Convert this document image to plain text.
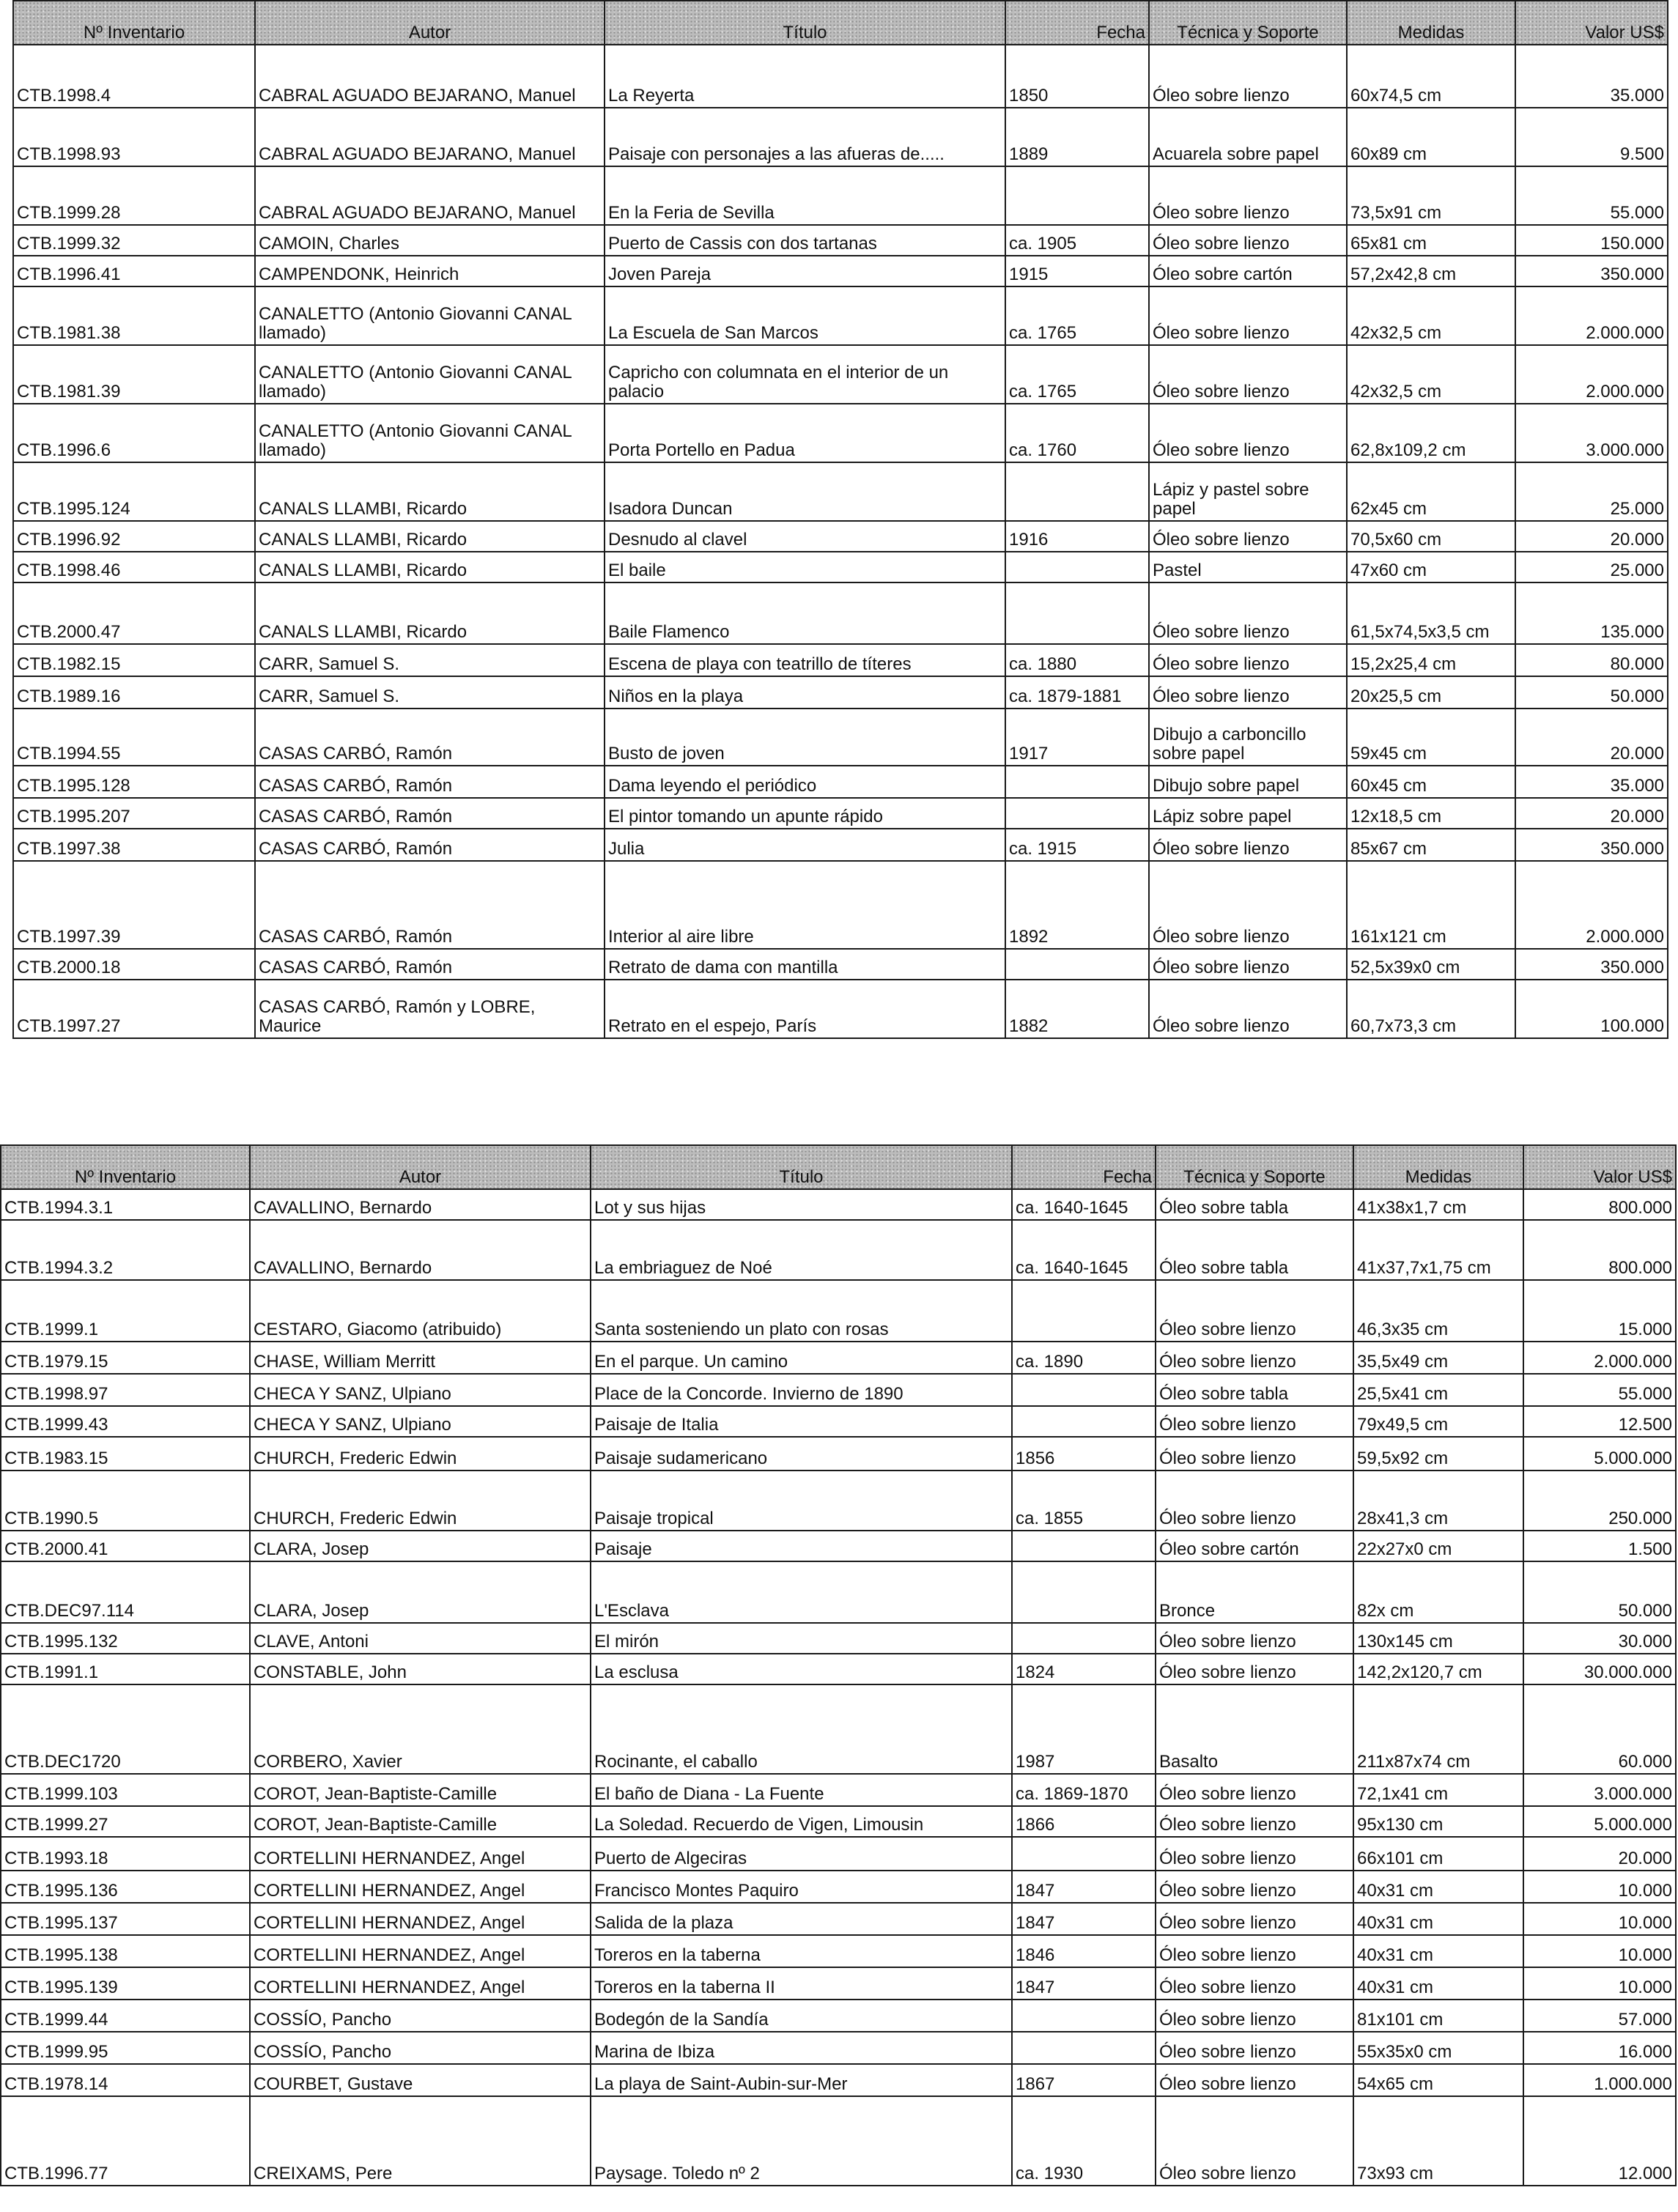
Nº Inventario	Autor	Título	Fecha	Técnica y Soporte	Medidas	Valor US$
CTB.1998.4	CABRAL AGUADO BEJARANO, Manuel	La Reyerta	1850	Óleo sobre lienzo	60x74,5 cm	35.000
CTB.1998.93	CABRAL AGUADO BEJARANO, Manuel	Paisaje con personajes a las afueras de.....	1889	Acuarela sobre papel	60x89 cm	9.500
CTB.1999.28	CABRAL AGUADO BEJARANO, Manuel	En la Feria de Sevilla		Óleo sobre lienzo	73,5x91 cm	55.000
CTB.1999.32	CAMOIN, Charles	Puerto de Cassis con dos tartanas	ca. 1905	Óleo sobre lienzo	65x81 cm	150.000
CTB.1996.41	CAMPENDONK, Heinrich	Joven Pareja	1915	Óleo sobre cartón	57,2x42,8 cm	350.000
CTB.1981.38	CANALETTO (Antonio Giovanni CANAL llamado)	La Escuela de San Marcos	ca. 1765	Óleo sobre lienzo	42x32,5 cm	2.000.000
CTB.1981.39	CANALETTO (Antonio Giovanni CANAL llamado)	Capricho con columnata en el interior de un palacio	ca. 1765	Óleo sobre lienzo	42x32,5 cm	2.000.000
CTB.1996.6	CANALETTO (Antonio Giovanni CANAL llamado)	Porta Portello en Padua	ca. 1760	Óleo sobre lienzo	62,8x109,2 cm	3.000.000
CTB.1995.124	CANALS LLAMBI, Ricardo	Isadora Duncan		Lápiz y pastel sobre papel	62x45 cm	25.000
CTB.1996.92	CANALS LLAMBI, Ricardo	Desnudo al clavel	1916	Óleo sobre lienzo	70,5x60 cm	20.000
CTB.1998.46	CANALS LLAMBI, Ricardo	El baile		Pastel	47x60 cm	25.000
CTB.2000.47	CANALS LLAMBI, Ricardo	Baile Flamenco		Óleo sobre lienzo	61,5x74,5x3,5 cm	135.000
CTB.1982.15	CARR, Samuel S.	Escena de playa con teatrillo de títeres	ca. 1880	Óleo sobre lienzo	15,2x25,4 cm	80.000
CTB.1989.16	CARR, Samuel S.	Niños en la playa	ca. 1879-1881	Óleo sobre lienzo	20x25,5 cm	50.000
CTB.1994.55	CASAS CARBÓ, Ramón	Busto de joven	1917	Dibujo a carboncillo sobre papel	59x45 cm	20.000
CTB.1995.128	CASAS CARBÓ, Ramón	Dama leyendo el periódico		Dibujo sobre papel	60x45 cm	35.000
CTB.1995.207	CASAS CARBÓ, Ramón	El pintor tomando un apunte rápido		Lápiz sobre papel	12x18,5 cm	20.000
CTB.1997.38	CASAS CARBÓ, Ramón	Julia	ca. 1915	Óleo sobre lienzo	85x67 cm	350.000
CTB.1997.39	CASAS CARBÓ, Ramón	Interior al aire libre	1892	Óleo sobre lienzo	161x121 cm	2.000.000
CTB.2000.18	CASAS CARBÓ, Ramón	Retrato de dama con mantilla		Óleo sobre lienzo	52,5x39x0 cm	350.000
CTB.1997.27	CASAS CARBÓ, Ramón y LOBRE, Maurice	Retrato en el espejo, París	1882	Óleo sobre lienzo	60,7x73,3 cm	100.000
Nº Inventario	Autor	Título	Fecha	Técnica y Soporte	Medidas	Valor US$
CTB.1994.3.1	CAVALLINO, Bernardo	Lot y sus hijas	ca. 1640-1645	Óleo sobre tabla	41x38x1,7 cm	800.000
CTB.1994.3.2	CAVALLINO, Bernardo	La embriaguez de Noé	ca. 1640-1645	Óleo sobre tabla	41x37,7x1,75 cm	800.000
CTB.1999.1	CESTARO, Giacomo (atribuido)	Santa sosteniendo un plato con rosas		Óleo sobre lienzo	46,3x35 cm	15.000
CTB.1979.15	CHASE, William Merritt	En el parque. Un camino	ca. 1890	Óleo sobre lienzo	35,5x49 cm	2.000.000
CTB.1998.97	CHECA Y SANZ, Ulpiano	Place de la Concorde. Invierno de 1890		Óleo sobre tabla	25,5x41 cm	55.000
CTB.1999.43	CHECA Y SANZ, Ulpiano	Paisaje de Italia		Óleo sobre lienzo	79x49,5 cm	12.500
CTB.1983.15	CHURCH, Frederic Edwin	Paisaje sudamericano	1856	Óleo sobre lienzo	59,5x92 cm	5.000.000
CTB.1990.5	CHURCH, Frederic Edwin	Paisaje tropical	ca. 1855	Óleo sobre lienzo	28x41,3 cm	250.000
CTB.2000.41	CLARA, Josep	Paisaje		Óleo sobre cartón	22x27x0 cm	1.500
CTB.DEC97.114	CLARA, Josep	L'Esclava		Bronce	82x cm	50.000
CTB.1995.132	CLAVE, Antoni	El mirón		Óleo sobre lienzo	130x145 cm	30.000
CTB.1991.1	CONSTABLE, John	La esclusa	1824	Óleo sobre lienzo	142,2x120,7 cm	30.000.000
CTB.DEC1720	CORBERO, Xavier	Rocinante, el caballo	1987	Basalto	211x87x74 cm	60.000
CTB.1999.103	COROT, Jean-Baptiste-Camille	El baño de Diana - La Fuente	ca. 1869-1870	Óleo sobre lienzo	72,1x41 cm	3.000.000
CTB.1999.27	COROT, Jean-Baptiste-Camille	La Soledad. Recuerdo de Vigen, Limousin	1866	Óleo sobre lienzo	95x130 cm	5.000.000
CTB.1993.18	CORTELLINI HERNANDEZ, Angel	Puerto de Algeciras		Óleo sobre lienzo	66x101 cm	20.000
CTB.1995.136	CORTELLINI HERNANDEZ, Angel	Francisco Montes Paquiro	1847	Óleo sobre lienzo	40x31 cm	10.000
CTB.1995.137	CORTELLINI HERNANDEZ, Angel	Salida de la plaza	1847	Óleo sobre lienzo	40x31 cm	10.000
CTB.1995.138	CORTELLINI HERNANDEZ, Angel	Toreros en la taberna	1846	Óleo sobre lienzo	40x31 cm	10.000
CTB.1995.139	CORTELLINI HERNANDEZ, Angel	Toreros en la taberna II	1847	Óleo sobre lienzo	40x31 cm	10.000
CTB.1999.44	COSSÍO, Pancho	Bodegón de la Sandía		Óleo sobre lienzo	81x101 cm	57.000
CTB.1999.95	COSSÍO, Pancho	Marina de Ibiza		Óleo sobre lienzo	55x35x0 cm	16.000
CTB.1978.14	COURBET, Gustave	La playa de Saint-Aubin-sur-Mer	1867	Óleo sobre lienzo	54x65 cm	1.000.000
CTB.1996.77	CREIXAMS, Pere	Paysage. Toledo nº 2	ca. 1930	Óleo sobre lienzo	73x93 cm	12.000
